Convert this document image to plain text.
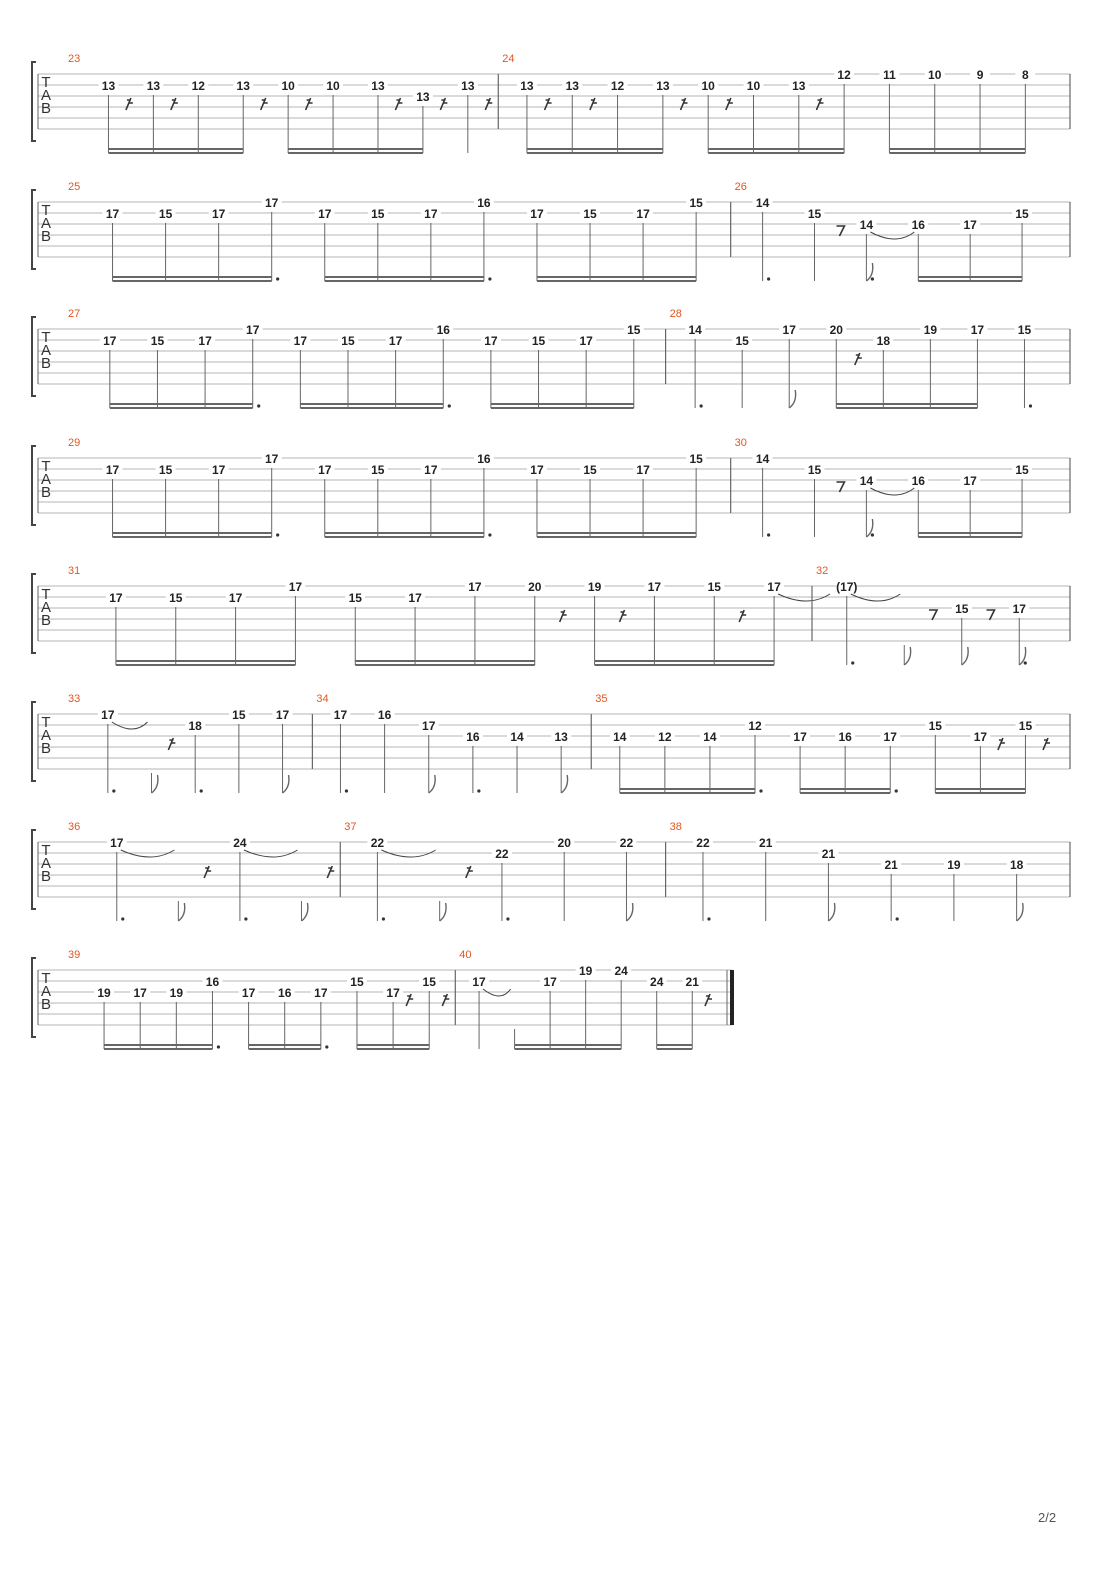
T
A
B
23
13	13	12	13	10	10	13
13
13
24
13	13	12	13	10	10	13
12	11	10	9	8
T
A
B
25
17	15	17
17
17	15	17
16
17	15	17
15
26
14
15
14	16	17
15
T
A
B
27
17	15	17
17
17	15	17
16
17	15	17
15
28
14
15
17	20
18
19	17	15
T
A
B
29
17	15	17
17
17	15	17
16
17	15	17
15
30
14
15
14	16	17
15
T
A
B
31
17	15	17
17
15	17
17	20	19	17	15	17
32
(17)
15	17
T
A
B
33
17
18
15	17
34
17	16
17
16	14	13
35
14	12	14
12
17	16	17
15
17
15
T
A
B
36
17	24
37
22
22
20	22
38
22	21
21
21	19	18
T
A
B
39
19 17 19
16
17 16 17
15
17
15
40
17	17
19 24
24 21
2/2
